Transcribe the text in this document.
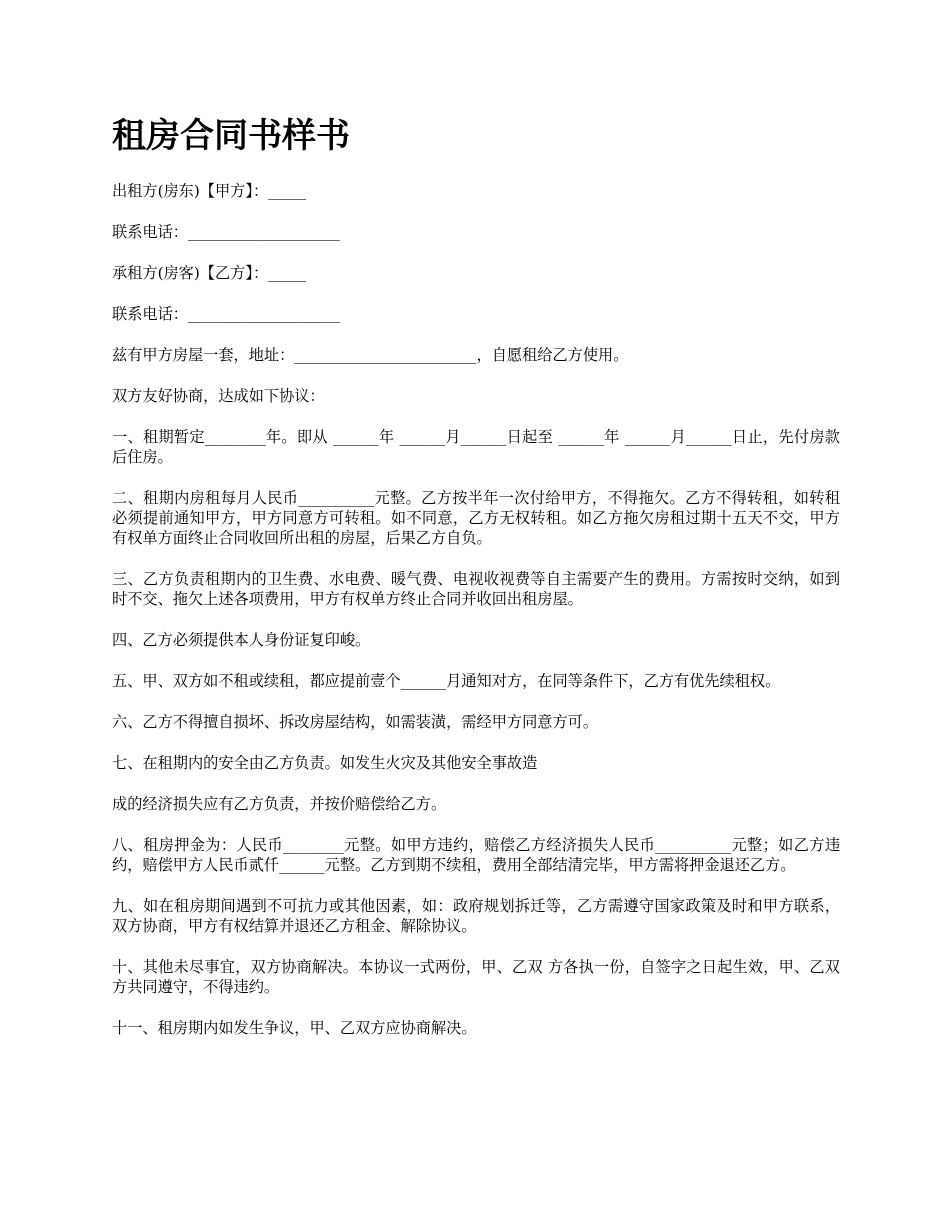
租房合同书样书

出租方(房东)【甲方】：_____

联系电话：____________________

承租方(房客)【乙方】：_____

联系电话：____________________

兹有甲方房屋一套，地址：________________________，自愿租给乙方使用。

双方友好协商，达成如下协议：

一、租期暂定________年。即从 ______年 ______月______日起至 ______年 ______月______日止，先付房款后住房。

二、租期内房租每月人民币__________元整。乙方按半年一次付给甲方，不得拖欠。乙方不得转租，如转租必须提前通知甲方，甲方同意方可转租。如不同意，乙方无权转租。如乙方拖欠房租过期十五天不交，甲方有权单方面终止合同收回所出租的房屋，后果乙方自负。

三、乙方负责租期内的卫生费、水电费、暖气费、电视收视费等自主需要产生的费用。方需按时交纳，如到时不交、拖欠上述各项费用，甲方有权单方终止合同并收回出租房屋。

四、乙方必须提供本人身份证复印峻。

五、甲、双方如不租或续租，都应提前壹个______月通知对方，在同等条件下，乙方有优先续租权。

六、乙方不得擅自损坏、拆改房屋结构，如需装潢，需经甲方同意方可。

七、在租期内的安全由乙方负责。如发生火灾及其他安全事故造

成的经济损失应有乙方负责，并按价赔偿给乙方。

八、租房押金为：人民币________元整。如甲方违约，赔偿乙方经济损失人民币__________元整；如乙方违约，赔偿甲方人民币贰仟______元整。乙方到期不续租，费用全部结清完毕，甲方需将押金退还乙方。

九、如在租房期间遇到不可抗力或其他因素，如：政府规划拆迁等，乙方需遵守国家政策及时和甲方联系，双方协商，甲方有权结算并退还乙方租金、解除协议。

十、其他未尽事宜，双方协商解决。本协议一式两份，甲、乙双 方各执一份，自签字之日起生效，甲、乙双方共同遵守，不得违约。

十一、租房期内如发生争议，甲、乙双方应协商解决。
